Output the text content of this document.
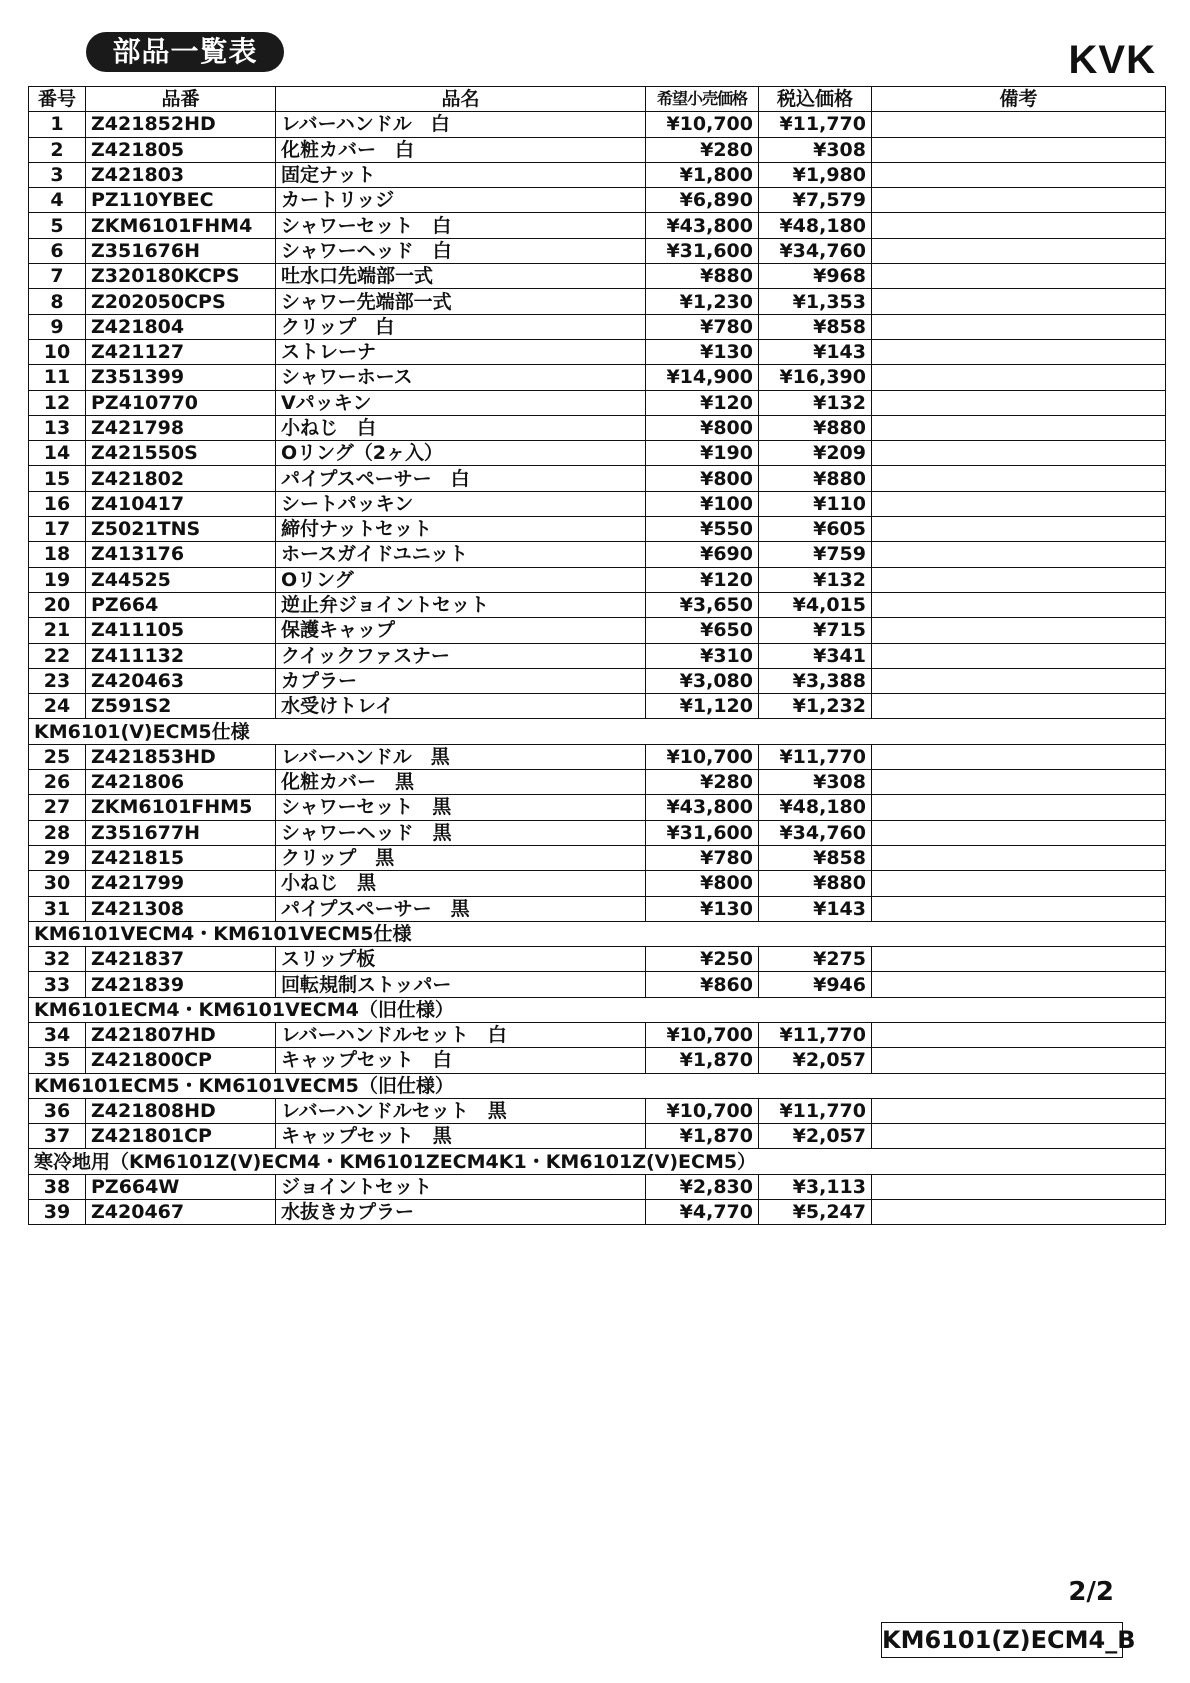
部品一覧表	KVK
番号	品番	品名	希望小売価格	税込価格	備考
1	Z421852HD	レバーハンドル　白	¥10,700	¥11,770	
2	Z421805	化粧カバー　白	¥280	¥308	
3	Z421803	固定ナット	¥1,800	¥1,980	
4	PZ110YBEC	カートリッジ	¥6,890	¥7,579	
5	ZKM6101FHM4	シャワーセット　白	¥43,800	¥48,180	
6	Z351676H	シャワーヘッド　白	¥31,600	¥34,760	
7	Z320180KCPS	吐水口先端部一式	¥880	¥968	
8	Z202050CPS	シャワー先端部一式	¥1,230	¥1,353	
9	Z421804	クリップ　白	¥780	¥858	
10	Z421127	ストレーナ	¥130	¥143	
11	Z351399	シャワーホース	¥14,900	¥16,390	
12	PZ410770	Vパッキン	¥120	¥132	
13	Z421798	小ねじ　白	¥800	¥880	
14	Z421550S	Oリング（2ヶ入）	¥190	¥209	
15	Z421802	パイプスペーサー　白	¥800	¥880	
16	Z410417	シートパッキン	¥100	¥110	
17	Z5021TNS	締付ナットセット	¥550	¥605	
18	Z413176	ホースガイドユニット	¥690	¥759	
19	Z44525	Oリング	¥120	¥132	
20	PZ664	逆止弁ジョイントセット	¥3,650	¥4,015	
21	Z411105	保護キャップ	¥650	¥715	
22	Z411132	クイックファスナー	¥310	¥341	
23	Z420463	カプラー	¥3,080	¥3,388	
24	Z591S2	水受けトレイ	¥1,120	¥1,232	
KM6101(V)ECM5仕様					
25	Z421853HD	レバーハンドル　黒	¥10,700	¥11,770	
26	Z421806	化粧カバー　黒	¥280	¥308	
27	ZKM6101FHM5	シャワーセット　黒	¥43,800	¥48,180	
28	Z351677H	シャワーヘッド　黒	¥31,600	¥34,760	
29	Z421815	クリップ　黒	¥780	¥858	
30	Z421799	小ねじ　黒	¥800	¥880	
31	Z421308	パイプスペーサー　黒	¥130	¥143	
KM6101VECM4・KM6101VECM5仕様					
32	Z421837	スリップ板	¥250	¥275	
33	Z421839	回転規制ストッパー	¥860	¥946	
KM6101ECM4・KM6101VECM4（旧仕様）					
34	Z421807HD	レバーハンドルセット　白	¥10,700	¥11,770	
35	Z421800CP	キャップセット　白	¥1,870	¥2,057	
KM6101ECM5・KM6101VECM5（旧仕様）					
36	Z421808HD	レバーハンドルセット　黒	¥10,700	¥11,770	
37	Z421801CP	キャップセット　黒	¥1,870	¥2,057	
寒冷地用（KM6101Z(V)ECM4・KM6101ZECM4K1・KM6101Z(V)ECM5）					
38	PZ664W	ジョイントセット	¥2,830	¥3,113	
39	Z420467	水抜きカプラー	¥4,770	¥5,247	
2/2
KM6101(Z)ECM4_B
